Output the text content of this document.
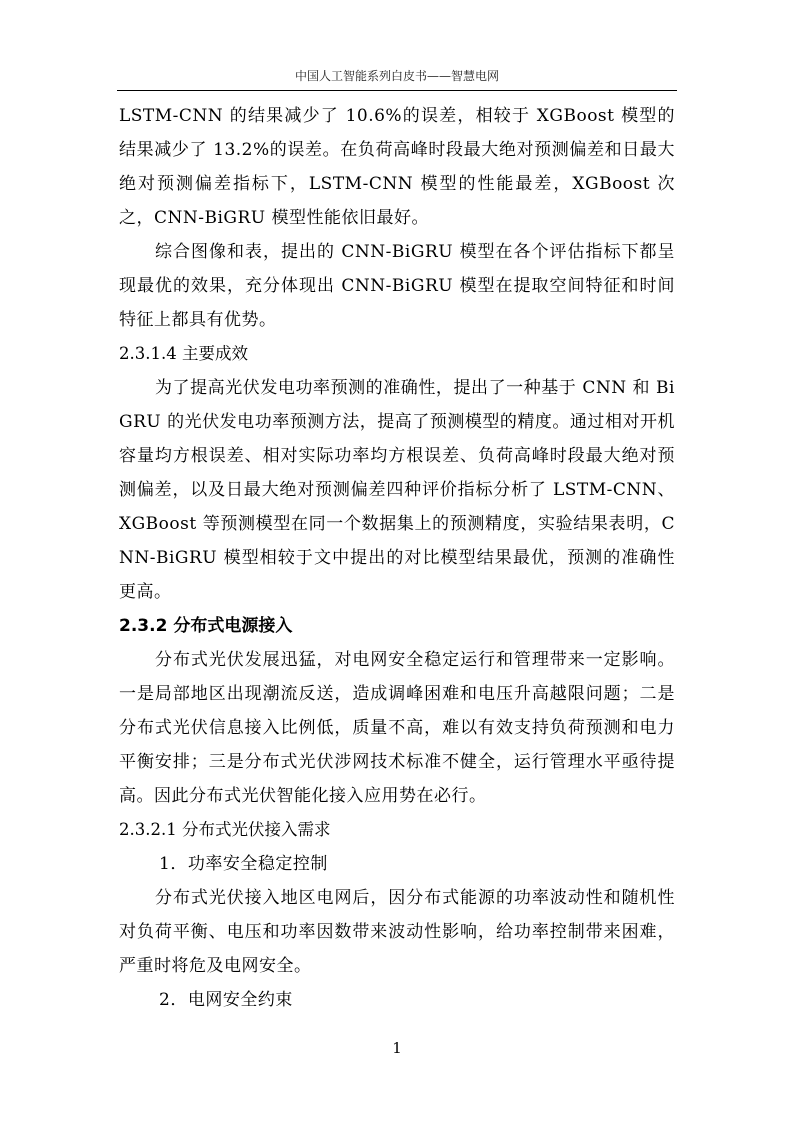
中国人工智能系列白皮书——智慧电网

LSTM-CNN 的结果减少了 10.6%的误差，相较于 XGBoost 模型的结果减少了 13.2%的误差。在负荷高峰时段最大绝对预测偏差和日最大绝对预测偏差指标下，LSTM-CNN 模型的性能最差，XGBoost 次之，CNN-BiGRU 模型性能依旧最好。

综合图像和表，提出的 CNN-BiGRU 模型在各个评估指标下都呈现最优的效果，充分体现出 CNN-BiGRU 模型在提取空间特征和时间特征上都具有优势。

2.3.1.4 主要成效

为了提高光伏发电功率预测的准确性，提出了一种基于 CNN 和 BiGRU 的光伏发电功率预测方法，提高了预测模型的精度。通过相对开机容量均方根误差、相对实际功率均方根误差、负荷高峰时段最大绝对预测偏差，以及日最大绝对预测偏差四种评价指标分析了 LSTM-CNN、XGBoost 等预测模型在同一个数据集上的预测精度，实验结果表明，CNN-BiGRU 模型相较于文中提出的对比模型结果最优，预测的准确性更高。

2.3.2 分布式电源接入

分布式光伏发展迅猛，对电网安全稳定运行和管理带来一定影响。一是局部地区出现潮流反送，造成调峰困难和电压升高越限问题；二是分布式光伏信息接入比例低，质量不高，难以有效支持负荷预测和电力平衡安排；三是分布式光伏涉网技术标准不健全，运行管理水平亟待提高。因此分布式光伏智能化接入应用势在必行。

2.3.2.1 分布式光伏接入需求

1．功率安全稳定控制

分布式光伏接入地区电网后，因分布式能源的功率波动性和随机性对负荷平衡、电压和功率因数带来波动性影响，给功率控制带来困难，严重时将危及电网安全。

2．电网安全约束

1
